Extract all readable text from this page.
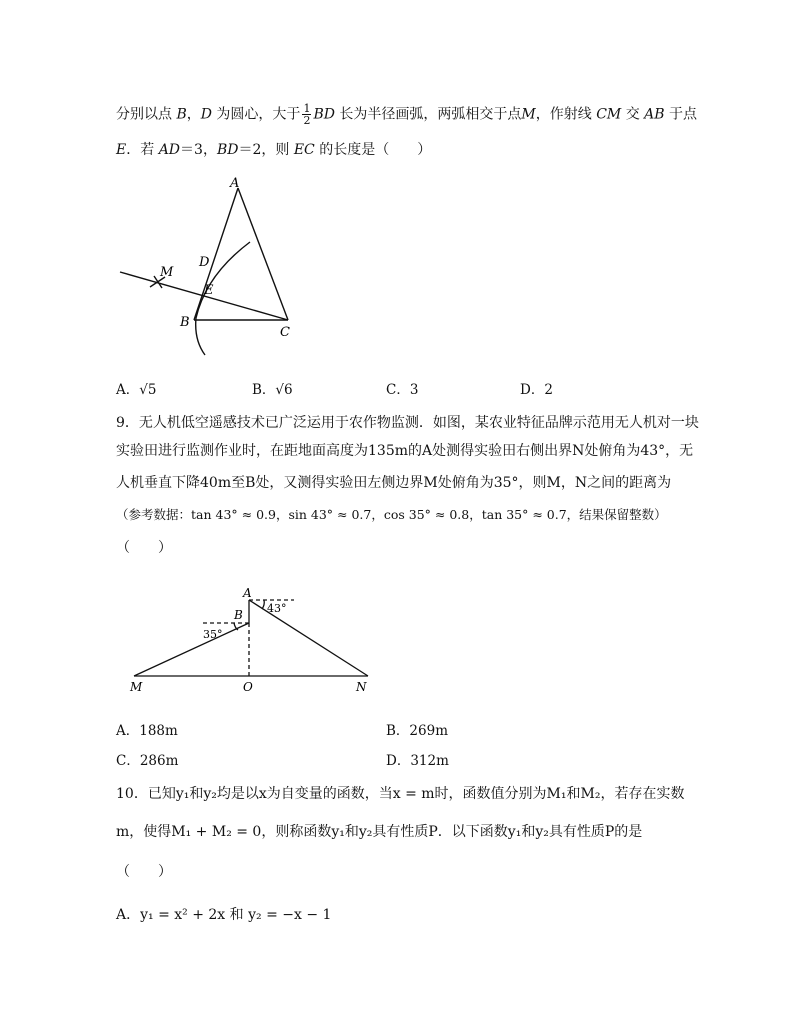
分别以点 B，D 为圆心，大于 $\frac{1}{2}$ BD 长为半径画弧，两弧相交于点M，作射线 CM 交 AB 于点
E．若 AD＝3，BD＝2，则 EC 的长度是（　　）
A
D
M
E
B
C
A．√5	B．√6	C．3	D．2
9．无人机低空遥感技术已广泛运用于农作物监测．如图，某农业特征品牌示范用无人机对一块
实验田进行监测作业时，在距地面高度为135m的A处测得实验田右侧出界N处俯角为43°，无
人机垂直下降40m至B处，又测得实验田左侧边界M处俯角为35°，则M，N之间的距离为
（参考数据：tan 43° ≈ 0.9，sin 43° ≈ 0.7，cos 35° ≈ 0.8，tan 35° ≈ 0.7，结果保留整数）
（　　）
A
B
35°
43°
M	O	N
A．188m	B．269m
C．286m	D．312m
10．已知y₁和y₂均是以x为自变量的函数，当x = m时，函数值分别为M₁和M₂，若存在实数
m，使得M₁ + M₂ = 0，则称函数y₁和y₂具有性质P．以下函数y₁和y₂具有性质P的是
（　　）
A．y₁ = x² + 2x 和 y₂ = −x − 1
